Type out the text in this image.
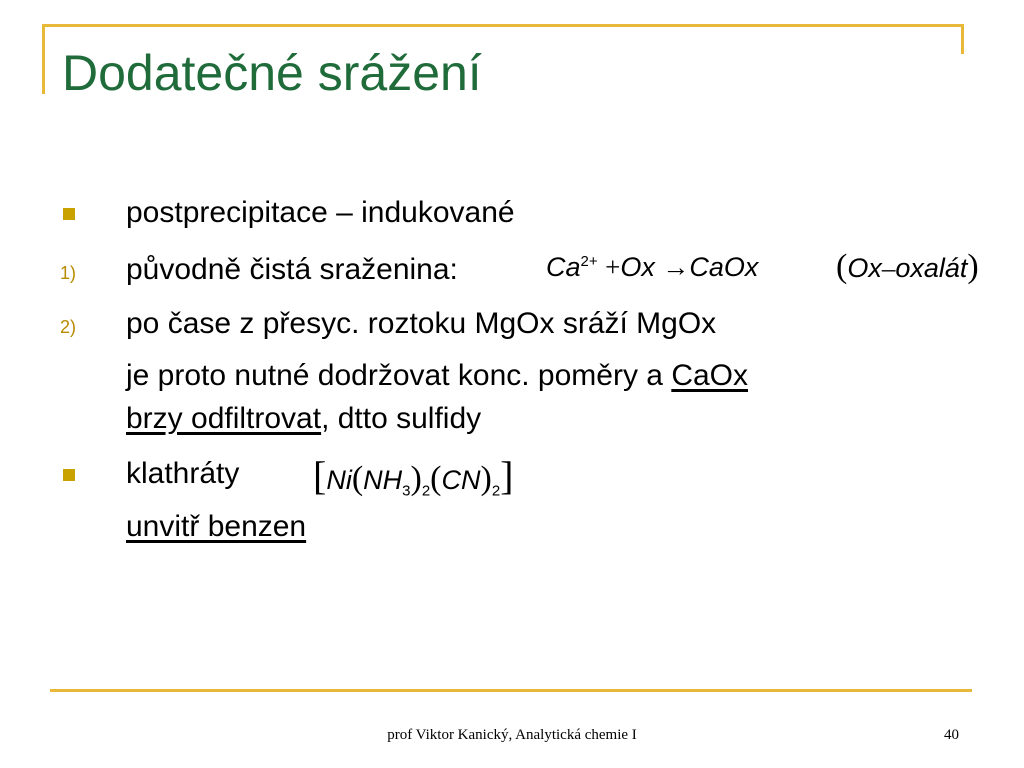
Dodatečné srážení
postprecipitace – indukované
1) původně čistá sraženina:	$Ca^{2+} +Ox$ →CaOx (Ox–oxalát)
2) po čase z přesyc. roztoku MgOx sráží MgOx
je proto nutné dodržovat konc. poměry a CaOx
brzy odfiltrovat, dtto sulfidy
klathráty $[Ni(NH_3)_2(CN)_2]$
unvitř benzen
prof Viktor Kanický, Analytická chemie I	40
